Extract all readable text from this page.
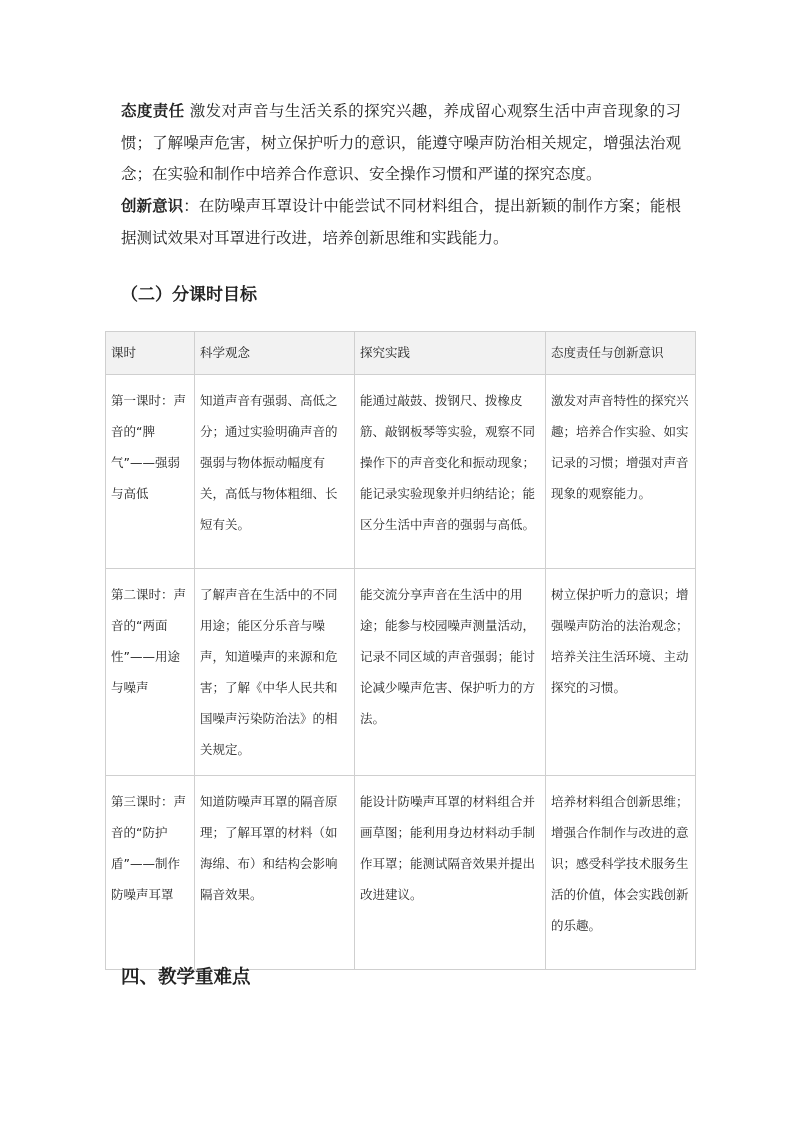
态度责任 激发对声音与生活关系的探究兴趣，养成留心观察生活中声音现象的习惯；了解噪声危害，树立保护听力的意识，能遵守噪声防治相关规定，增强法治观念；在实验和制作中培养合作意识、安全操作习惯和严谨的探究态度。
创新意识：在防噪声耳罩设计中能尝试不同材料组合，提出新颖的制作方案；能根据测试效果对耳罩进行改进，培养创新思维和实践能力。
（二）分课时目标
课时	科学观念	探究实践	态度责任与创新意识
第一课时：声音的“脾气”——强弱与高低	知道声音有强弱、高低之分；通过实验明确声音的强弱与物体振动幅度有关，高低与物体粗细、长短有关。	能通过敲鼓、拨钢尺、拨橡皮筋、敲钢板琴等实验，观察不同操作下的声音变化和振动现象；能记录实验现象并归纳结论；能区分生活中声音的强弱与高低。	激发对声音特性的探究兴趣；培养合作实验、如实记录的习惯；增强对声音现象的观察能力。
第二课时：声音的“两面性”——用途与噪声	了解声音在生活中的不同用途；能区分乐音与噪声，知道噪声的来源和危害；了解《中华人民共和国噪声污染防治法》的相关规定。	能交流分享声音在生活中的用途；能参与校园噪声测量活动，记录不同区域的声音强弱；能讨论减少噪声危害、保护听力的方法。	树立保护听力的意识；增强噪声防治的法治观念；培养关注生活环境、主动探究的习惯。
第三课时：声音的“防护盾”——制作防噪声耳罩	知道防噪声耳罩的隔音原理；了解耳罩的材料（如海绵、布）和结构会影响隔音效果。	能设计防噪声耳罩的材料组合并画草图；能利用身边材料动手制作耳罩；能测试隔音效果并提出改进建议。	培养材料组合创新思维；增强合作制作与改进的意识；感受科学技术服务生活的价值，体会实践创新的乐趣。
四、教学重难点
